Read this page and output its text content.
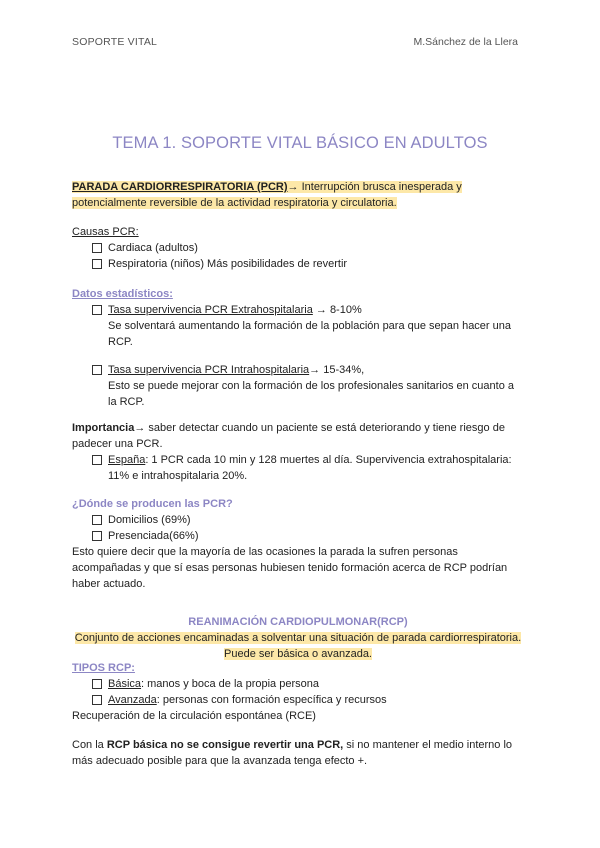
SOPORTE VITAL	M.Sánchez de la Llera
TEMA 1. SOPORTE VITAL BÁSICO EN ADULTOS
PARADA CARDIORRESPIRATORIA (PCR)→ Interrupción brusca inesperada y
potencialmente reversible de la actividad respiratoria y circulatoria.
Causas PCR:
Cardiaca (adultos)
Respiratoria (niños) Más posibilidades de revertir
Datos estadísticos:
Tasa supervivencia PCR Extrahospitalaria → 8-10%
Se solventará aumentando la formación de la población para que sepan hacer una
RCP.
Tasa supervivencia PCR Intrahospitalaria→ 15-34%,
Esto se puede mejorar con la formación de los profesionales sanitarios en cuanto a
la RCP.
Importancia→ saber detectar cuando un paciente se está deteriorando y tiene riesgo de
padecer una PCR.
España: 1 PCR cada 10 min y 128 muertes al día. Supervivencia extrahospitalaria:
11% e intrahospitalaria 20%.
¿Dónde se producen las PCR?
Domicilios (69%)
Presenciada(66%)
Esto quiere decir que la mayoría de las ocasiones la parada la sufren personas
acompañadas y que sí esas personas hubiesen tenido formación acerca de RCP podrían
haber actuado.
REANIMACIÓN CARDIOPULMONAR(RCP)
Conjunto de acciones encaminadas a solventar una situación de parada cardiorrespiratoria.
Puede ser básica o avanzada.
TIPOS RCP:
Básica: manos y boca de la propia persona
Avanzada: personas con formación específica y recursos
Recuperación de la circulación espontánea (RCE)
Con la RCP básica no se consigue revertir una PCR, si no mantener el medio interno lo
más adecuado posible para que la avanzada tenga efecto +.
